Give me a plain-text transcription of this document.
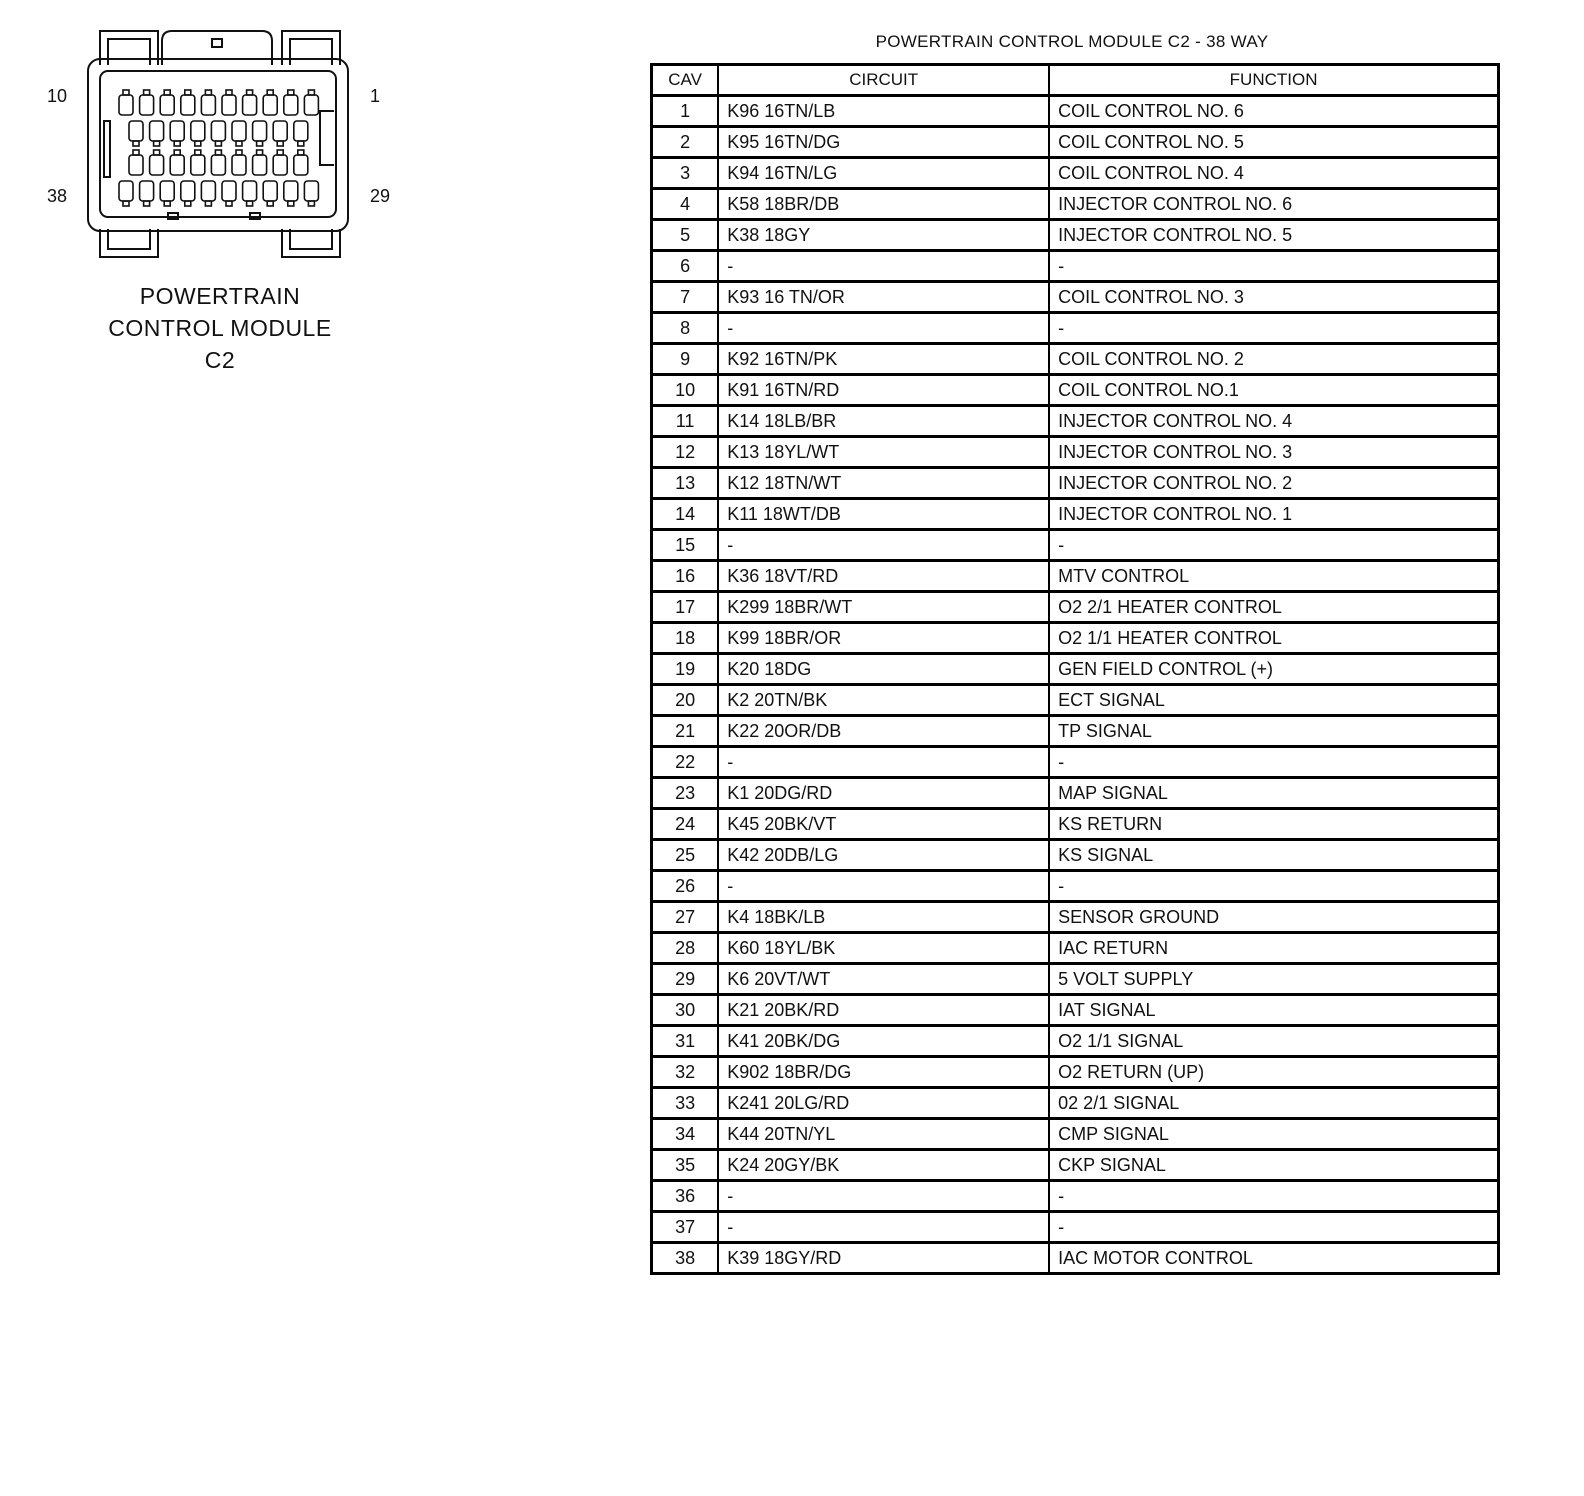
10	1
38	29
POWERTRAIN
CONTROL MODULE C2
POWERTRAIN CONTROL MODULE C2 - 38 WAY
CAV	CIRCUIT	FUNCTION
1	K96 16TN/LB	COIL CONTROL NO. 6
2	K95 16TN/DG	COIL CONTROL NO. 5
3	K94 16TN/LG	COIL CONTROL NO. 4
4	K58 18BR/DB	INJECTOR CONTROL NO. 6
5	K38 18GY	INJECTOR CONTROL NO. 5
6	-	-
7	K93 16 TN/OR	COIL CONTROL NO. 3
8	-	-
9	K92 16TN/PK	COIL CONTROL NO. 2
10	K91 16TN/RD	COIL CONTROL NO.1
11	K14 18LB/BR	INJECTOR CONTROL NO. 4
12	K13 18YL/WT	INJECTOR CONTROL NO. 3
13	K12 18TN/WT	INJECTOR CONTROL NO. 2
14	K11 18WT/DB	INJECTOR CONTROL NO. 1
15	-	-
16	K36 18VT/RD	MTV CONTROL
17	K299 18BR/WT	O2 2/1 HEATER CONTROL
18	K99 18BR/OR	O2 1/1 HEATER CONTROL
19	K20 18DG	GEN FIELD CONTROL (+)
20	K2 20TN/BK	ECT SIGNAL
21	K22 20OR/DB	TP SIGNAL
22	-	-
23	K1 20DG/RD	MAP SIGNAL
24	K45 20BK/VT	KS RETURN
25	K42 20DB/LG	KS SIGNAL
26	-	-
27	K4 18BK/LB	SENSOR GROUND
28	K60 18YL/BK	IAC RETURN
29	K6 20VT/WT	5 VOLT SUPPLY
30	K21 20BK/RD	IAT SIGNAL
31	K41 20BK/DG	O2 1/1 SIGNAL
32	K902 18BR/DG	O2 RETURN (UP)
33	K241 20LG/RD	02 2/1 SIGNAL
34	K44 20TN/YL	CMP SIGNAL
35	K24 20GY/BK	CKP SIGNAL
36	-	-
37	-	-
38	K39 18GY/RD	IAC MOTOR CONTROL
